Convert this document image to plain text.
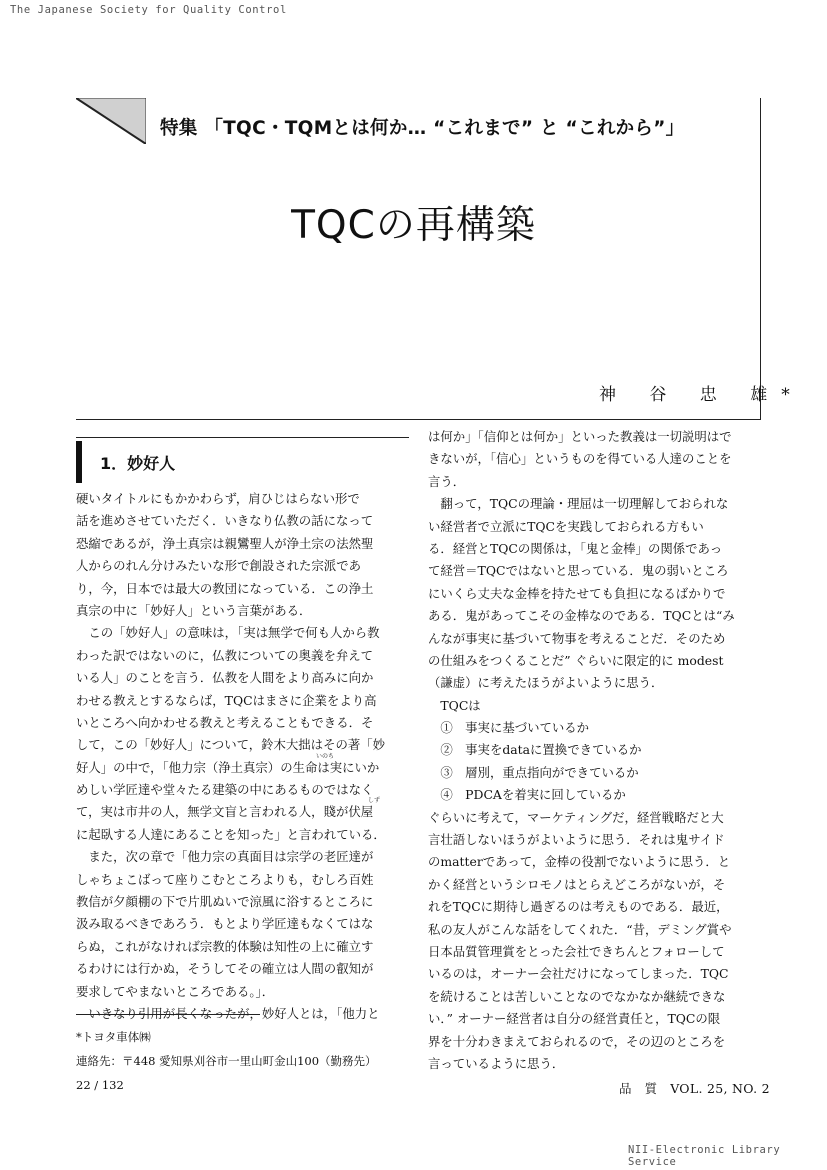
The Japanese Society for Quality Control
特集 「TQC・TQMとは何か… “これまで” と “これから”」
TQCの再構築
神 谷 忠 雄*
1．妙好人
硬いタイトルにもかかわらず，肩ひじはらない形で
話を進めさせていただく．いきなり仏教の話になって
恐縮であるが，浄土真宗は親鸞聖人が浄土宗の法然聖
人からのれん分けみたいな形で創設された宗派であ
り，今，日本では最大の教団になっている．この浄土
真宗の中に「妙好人」という言葉がある．
　この「妙好人」の意味は，「実は無学で何も人から教
わった訳ではないのに，仏教についての奥義を弁えて
いる人」のことを言う．仏教を人間をより高みに向か
わせる教えとするならば，TQCはまさに企業をより高
いところへ向かわせる教えと考えることもできる．そ
して，この「妙好人」について，鈴木大拙はその著「妙
いのち
好人」の中で，「他力宗（浄土真宗）の生命は実にいか
めしい学匠達や堂々たる建築の中にあるものではなく
しず
て，実は市井の人，無学文盲と言われる人，賤が伏屋
に起臥する人達にあることを知った」と言われている．
　また，次の章で「他力宗の真面目は宗学の老匠達が
しゃちょこばって座りこむところよりも，むしろ百姓
教信が夕顔棚の下で片肌ぬいで涼風に浴するところに
汲み取るべきであろう．もとより学匠達もなくてはな
らぬ，これがなければ宗教的体験は知性の上に確立す
るわけには行かぬ，そうしてその確立は人間の叡知が
要求してやまないところである。」．
　いきなり引用が長くなったが，妙好人とは，「他力と
は何か」「信仰とは何か」といった教義は一切説明はで
きないが，「信心」というものを得ている人達のことを
言う．
　翻って，TQCの理論・理屈は一切理解しておられな
い経営者で立派にTQCを実践しておられる方もい
る．経営とTQCの関係は，「鬼と金棒」の関係であっ
て経営＝TQCではないと思っている．鬼の弱いところ
にいくら丈夫な金棒を持たせても負担になるばかりで
ある．鬼があってこその金棒なのである．TQCとは“み
んなが事実に基づいて物事を考えることだ．そのため
の仕組みをつくることだ” ぐらいに限定的に modest
（謙虚）に考えたほうがよいように思う．
　TQCは
　①　事実に基づいているか
　②　事実をdataに置換できているか
　③　層別，重点指向ができているか
　④　PDCAを着実に回しているか
ぐらいに考えて，マーケティングだ，経営戦略だと大
言壮語しないほうがよいように思う．それは鬼サイド
のmatterであって，金棒の役割でないように思う．と
かく経営というシロモノはとらえどころがないが，そ
れをTQCに期待し過ぎるのは考えものである．最近，
私の友人がこんな話をしてくれた．“昔，デミング賞や
日本品質管理賞をとった会社できちんとフォローして
いるのは，オーナー会社だけになってしまった．TQC
を続けることは苦しいことなのでなかなか継続できな
い．” オーナー経営者は自分の経営責任と，TQCの限
界を十分わきまえておられるので，その辺のところを
言っているように思う．
*トヨタ車体㈱
連絡先：〒448 愛知県刈谷市一里山町金山100（勤務先）
22 / 132	品　質　VOL. 25, NO. 2
NII-Electronic Library Service
